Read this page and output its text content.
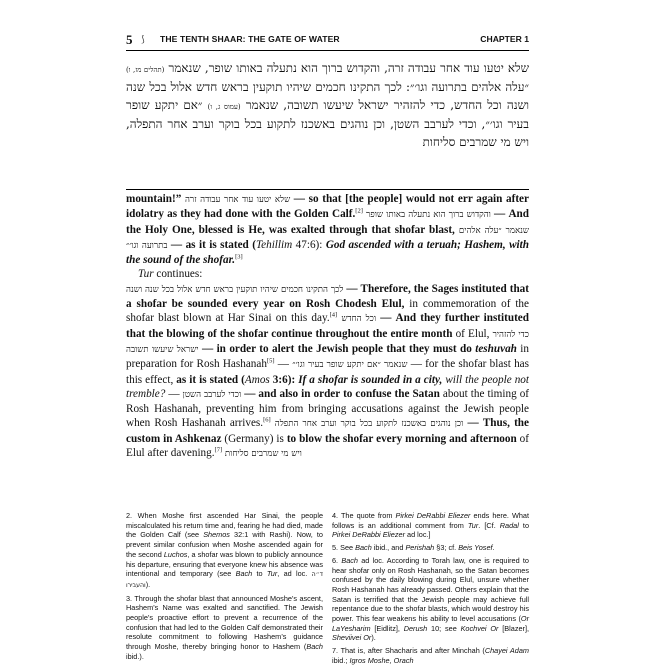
5 ⟆ THE TENTH SHAAR: THE GATE OF WATER	CHAPTER 1
שלא יטעו עוד אחר עבודה זרה, והקדוש ברוך הוא נתעלה באותו שופר, שנאמר (תהלים מז, ו) ״עלה אלהים בתרועה וגו׳״: לכך התקינו חכמים שיהיו תוקעין בראש חדש אלול בכל שנה ושנה וכל החדש, כדי להזהיר ישראל שיעשו תשובה, שנאמר (עמוס ג, ו) ״אם יתקע שופר בעיר וגו׳״, וכדי לערבב השטן, וכן נוהגים באשכנז לתקוע בכל בוקר וערב אחר התפלה, ויש מי שמרבים סליחות

mountain!” שלא יטעו עוד אחר עבודה זרה — so that [the people] would not err again after idolatry as they had done with the Golden Calf.[2] והקדוש ברוך הוא נתעלה באותו שופר — And the Holy One, blessed is He, was exalted through that shofar blast, שנאמר ״עלה אלהים בתרועה וגו׳״ — as it is stated (Tehillim 47:6): God ascended with a teruah; Hashem, with the sound of the shofar.[3]

Tur continues:

לכך התקינו חכמים שיהיו תוקעין בראש חדש אלול בכל שנה ושנה — Therefore, the Sages instituted that a shofar be sounded every year on Rosh Chodesh Elul, in commemoration of the shofar blast blown at Har Sinai on this day.[4] וכל החדש — And they further instituted that the blowing of the shofar continue throughout the entire month of Elul, כדי להזהיר ישראל שיעשו תשובה — in order to alert the Jewish people that they must do teshuvah in preparation for Rosh Hashanah[5] — שנאמר ״אם יתקע שופר בעיר וגו׳״ — for the shofar blast has this effect, as it is stated (Amos 3:6): If a shofar is sounded in a city, will the people not tremble? — וכדי לערבב השטן — and also in order to confuse the Satan about the timing of Rosh Hashanah, preventing him from bringing accusations against the Jewish people when Rosh Hashanah arrives.[6] וכן נוהגים באשכנז לתקוע בכל בוקר וערב אחר התפלה — Thus, the custom in Ashkenaz (Germany) is to blow the shofar every morning and afternoon of Elul after davening.[7] ויש מי שמרבים סליחות

2. When Moshe first ascended Har Sinai, the people miscalculated his return time and, fearing he had died, made the Golden Calf (see Shemos 32:1 with Rashi). Now, to prevent similar confusion when Moshe ascended again for the second Luchos, a shofar was blown to publicly announce his departure, ensuring that everyone knew his absence was intentional and temporary (see Bach to Tur, ad loc. ד״ה והעבירו).

3. Through the shofar blast that announced Moshe’s ascent, Hashem’s Name was exalted and sanctified. The Jewish people’s proactive effort to prevent a recurrence of the confusion that had led to the Golden Calf demonstrated their resolute commitment to following Hashem’s guidance through Moshe, thereby bringing honor to Hashem (Bach ibid.).

4. The quote from Pirkei DeRabbi Eliezer ends here. What follows is an additional comment from Tur. [Cf. Radal to Pirkei DeRabbi Eliezer ad loc.]

5. See Bach ibid., and Perishah §3; cf. Beis Yosef.

6. Bach ad loc. According to Torah law, one is required to hear shofar only on Rosh Hashanah, so the Satan becomes confused by the daily blowing during Elul, unsure whether Rosh Hashanah has already passed. Others explain that the Satan is terrified that the Jewish people may achieve full repentance due to the shofar blasts, which would destroy his power. This fear weakens his ability to level accusations (Or LaYesharim [Eidlitz], Derush 10; see Kochvei Or [Blazer], Sheviivei Or).

7. That is, after Shacharis and after Minchah (Chayei Adam ibid.; Igros Moshe, Orach
